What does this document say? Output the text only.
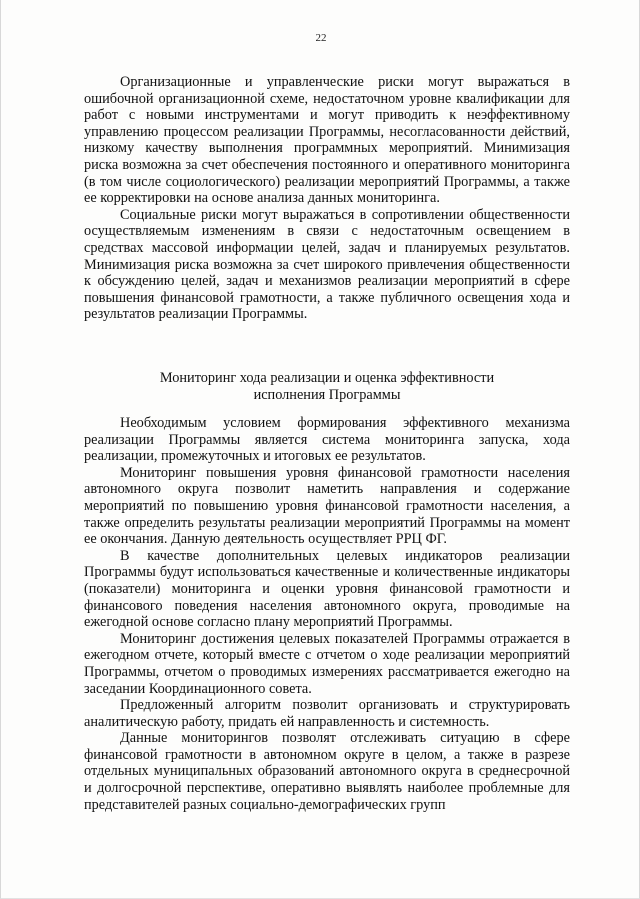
22

Организационные и управленческие риски могут выражаться в ошибочной организационной схеме, недостаточном уровне квалификации для работ с новыми инструментами и могут приводить к неэффективному управлению процессом реализации Программы, несогласованности действий, низкому качеству выполнения программных мероприятий. Минимизация риска возможна за счет обеспечения постоянного и оперативного мониторинга (в том числе социологического) реализации мероприятий Программы, а также ее корректировки на основе анализа данных мониторинга.

Социальные риски могут выражаться в сопротивлении общественности осуществляемым изменениям в связи с недостаточным освещением в средствах массовой информации целей, задач и планируемых результатов. Минимизация риска возможна за счет широкого привлечения общественности к обсуждению целей, задач и механизмов реализации мероприятий в сфере повышения финансовой грамотности, а также публичного освещения хода и результатов реализации Программы.

Мониторинг хода реализации и оценка эффективности
исполнения Программы

Необходимым условием формирования эффективного механизма реализации Программы является система мониторинга запуска, хода реализации, промежуточных и итоговых ее результатов.

Мониторинг повышения уровня финансовой грамотности населения автономного округа позволит наметить направления и содержание мероприятий по повышению уровня финансовой грамотности населения, а также определить результаты реализации мероприятий Программы на момент ее окончания. Данную деятельность осуществляет РРЦ ФГ.

В качестве дополнительных целевых индикаторов реализации Программы будут использоваться качественные и количественные индикаторы (показатели) мониторинга и оценки уровня финансовой грамотности и финансового поведения населения автономного округа, проводимые на ежегодной основе согласно плану мероприятий Программы.

Мониторинг достижения целевых показателей Программы отражается в ежегодном отчете, который вместе с отчетом о ходе реализации мероприятий Программы, отчетом о проводимых измерениях рассматривается ежегодно на заседании Координационного совета.

Предложенный алгоритм позволит организовать и структурировать аналитическую работу, придать ей направленность и системность.

Данные мониторингов позволят отслеживать ситуацию в сфере финансовой грамотности в автономном округе в целом, а также в разрезе отдельных муниципальных образований автономного округа в среднесрочной и долгосрочной перспективе, оперативно выявлять наиболее проблемные для представителей разных социально-демографических групп
